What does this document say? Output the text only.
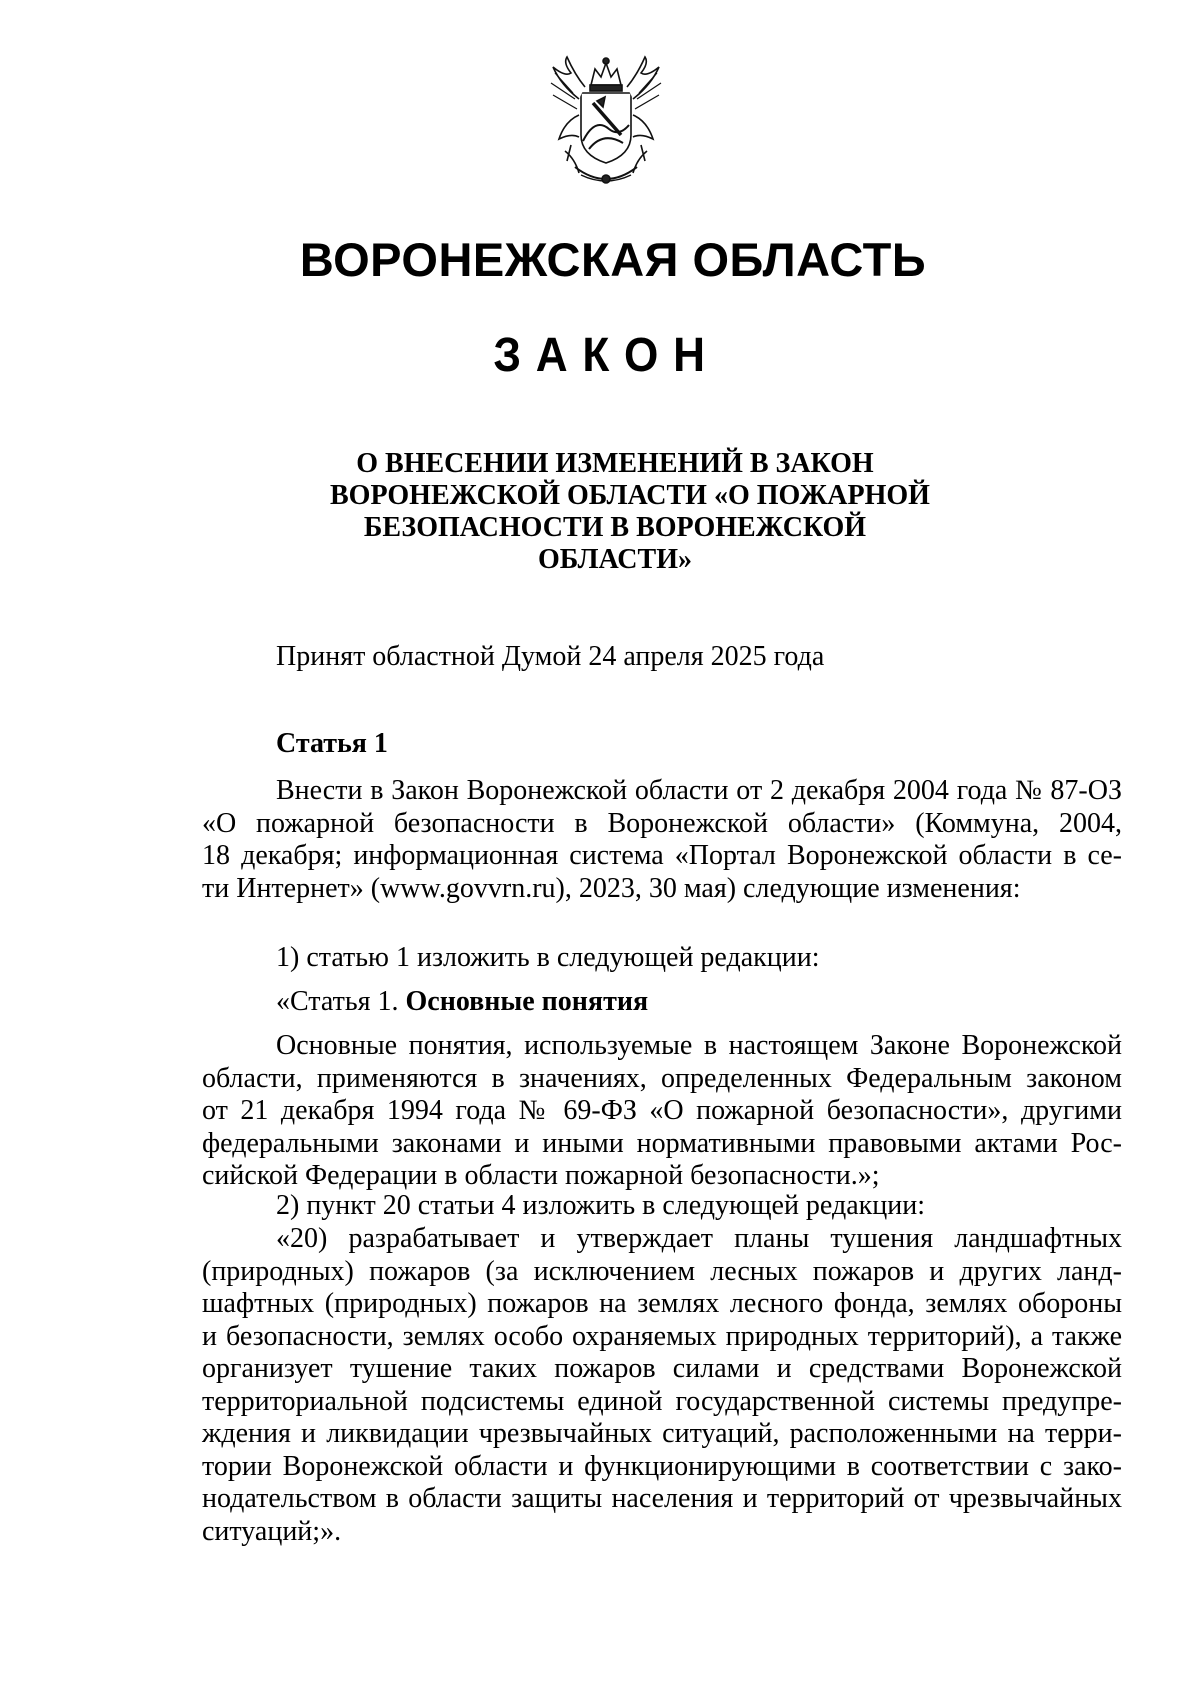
ВОРОНЕЖСКАЯ ОБЛАСТЬ
ЗАКОН
О ВНЕСЕНИИ ИЗМЕНЕНИЙ В ЗАКОН
ВОРОНЕЖСКОЙ ОБЛАСТИ «О ПОЖАРНОЙ
БЕЗОПАСНОСТИ В ВОРОНЕЖСКОЙ
ОБЛАСТИ»
Принят областной Думой 24 апреля 2025 года
Статья 1
Внести в Закон Воронежской области от 2 декабря 2004 года № 87-ОЗ
«О пожарной безопасности в Воронежской области» (Коммуна, 2004,
18 декабря; информационная система «Портал Воронежской области в се-
ти Интернет» (www.govvrn.ru), 2023, 30 мая) следующие изменения:
1) статью 1 изложить в следующей редакции:
«Статья 1. Основные понятия
Основные понятия, используемые в настоящем Законе Воронежской
области, применяются в значениях, определенных Федеральным законом
от 21 декабря 1994 года № 69-ФЗ «О пожарной безопасности», другими
федеральными законами и иными нормативными правовыми актами Рос-
сийской Федерации в области пожарной безопасности.»;
2) пункт 20 статьи 4 изложить в следующей редакции:
«20) разрабатывает и утверждает планы тушения ландшафтных
(природных) пожаров (за исключением лесных пожаров и других ланд-
шафтных (природных) пожаров на землях лесного фонда, землях обороны
и безопасности, землях особо охраняемых природных территорий), а также
организует тушение таких пожаров силами и средствами Воронежской
территориальной подсистемы единой государственной системы предупре-
ждения и ликвидации чрезвычайных ситуаций, расположенными на терри-
тории Воронежской области и функционирующими в соответствии с зако-
нодательством в области защиты населения и территорий от чрезвычайных
ситуаций;».
